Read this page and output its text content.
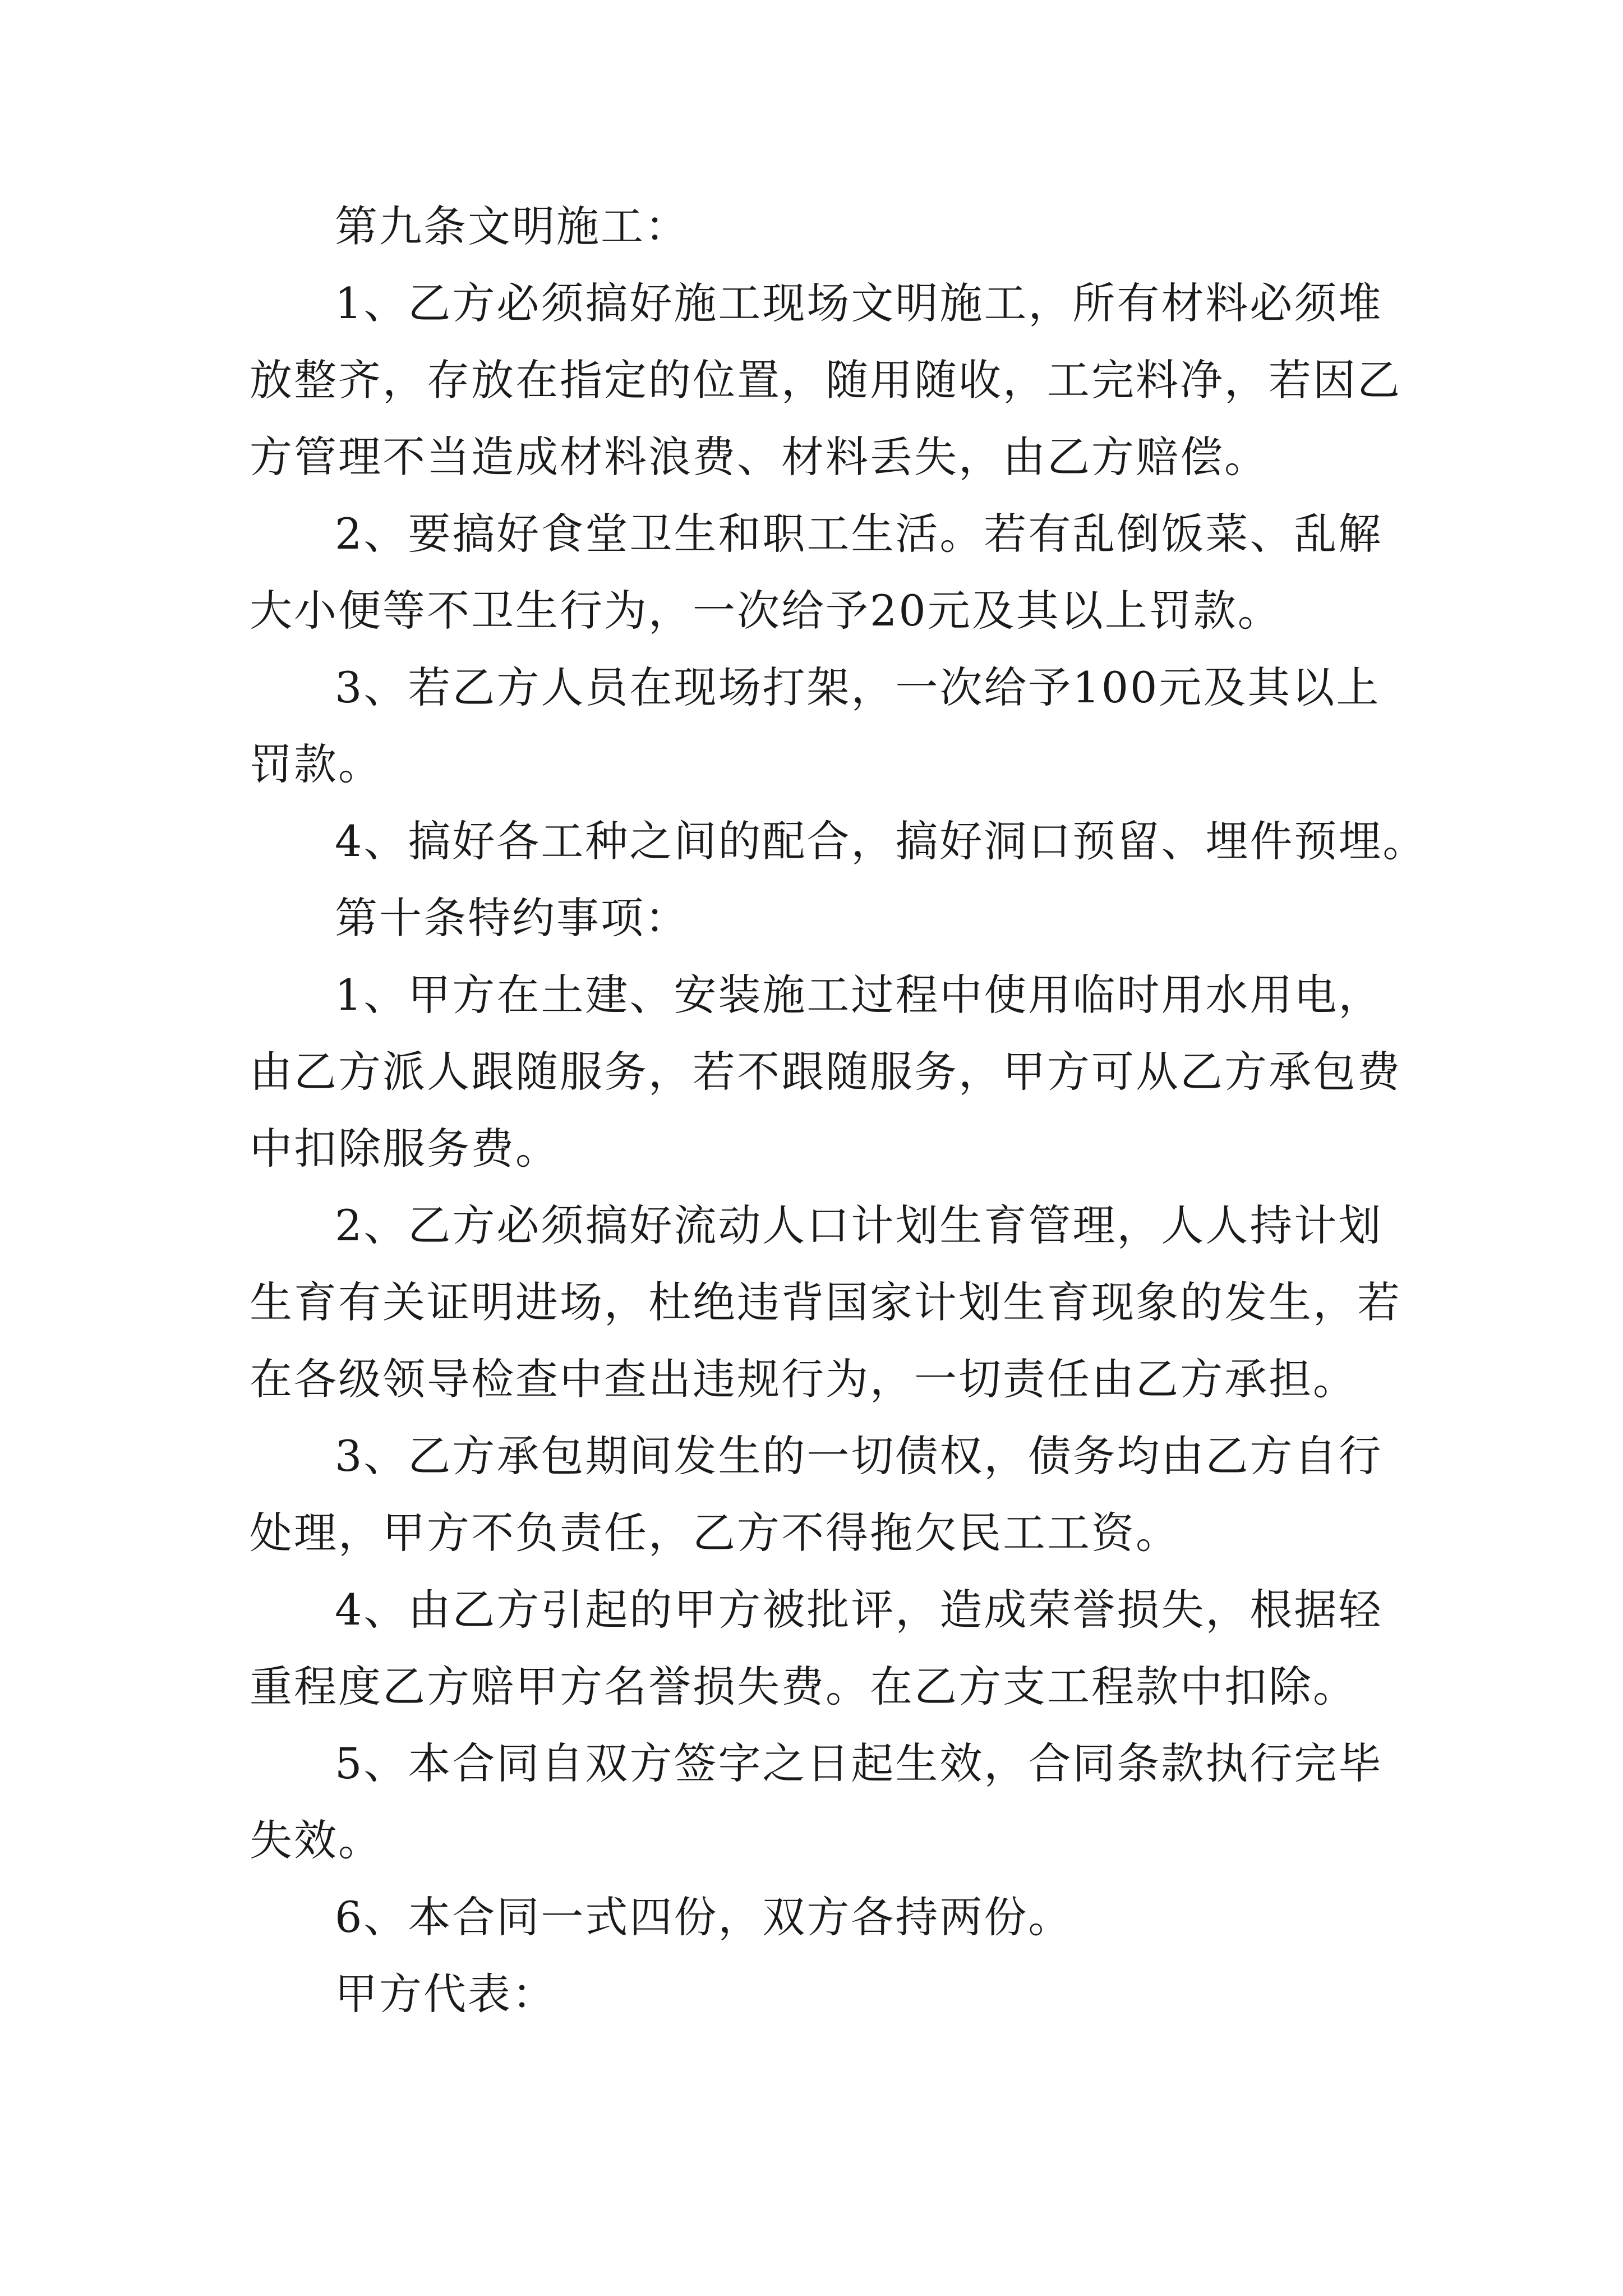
第九条文明施工：
1、乙方必须搞好施工现场文明施工，所有材料必须堆
放整齐，存放在指定的位置，随用随收，工完料净，若因乙
方管理不当造成材料浪费、材料丢失，由乙方赔偿。
2、要搞好食堂卫生和职工生活。若有乱倒饭菜、乱解
大小便等不卫生行为，一次给予20元及其以上罚款。
3、若乙方人员在现场打架，一次给予100元及其以上
罚款。
4、搞好各工种之间的配合，搞好洞口预留、埋件预埋。
第十条特约事项：
1、甲方在土建、安装施工过程中使用临时用水用电，
由乙方派人跟随服务，若不跟随服务，甲方可从乙方承包费
中扣除服务费。
2、乙方必须搞好流动人口计划生育管理，人人持计划
生育有关证明进场，杜绝违背国家计划生育现象的发生，若
在各级领导检查中查出违规行为，一切责任由乙方承担。
3、乙方承包期间发生的一切债权，债务均由乙方自行
处理，甲方不负责任，乙方不得拖欠民工工资。
4、由乙方引起的甲方被批评，造成荣誉损失，根据轻
重程度乙方赔甲方名誉损失费。在乙方支工程款中扣除。
5、本合同自双方签字之日起生效，合同条款执行完毕
失效。
6、本合同一式四份，双方各持两份。
甲方代表：
